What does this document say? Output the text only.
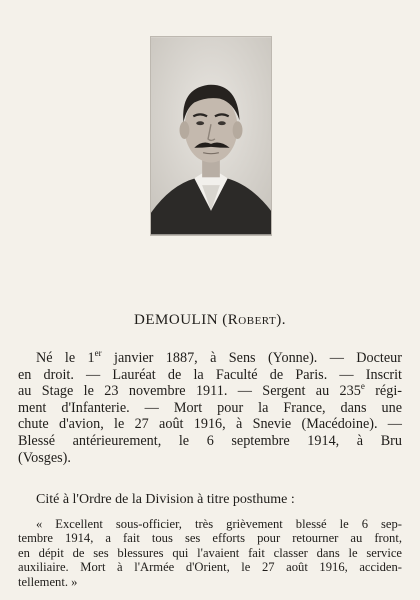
DEMOULIN (Robert).

Né le 1er janvier 1887, à Sens (Yonne). — Docteur
en droit. — Lauréat de la Faculté de Paris. — Inscrit
au Stage le 23 novembre 1911. — Sergent au 235e régi-
ment d'Infanterie. — Mort pour la France, dans une
chute d'avion, le 27 août 1916, à Snevie (Macédoine). —
Blessé antérieurement, le 6 septembre 1914, à Bru
(Vosges).

Cité à l'Ordre de la Division à titre posthume :

« Excellent sous-officier, très grièvement blessé le 6 sep-
tembre 1914, a fait tous ses efforts pour retourner au front,
en dépit de ses blessures qui l'avaient fait classer dans le service
auxiliaire. Mort à l'Armée d'Orient, le 27 août 1916, acciden-
tellement. »
